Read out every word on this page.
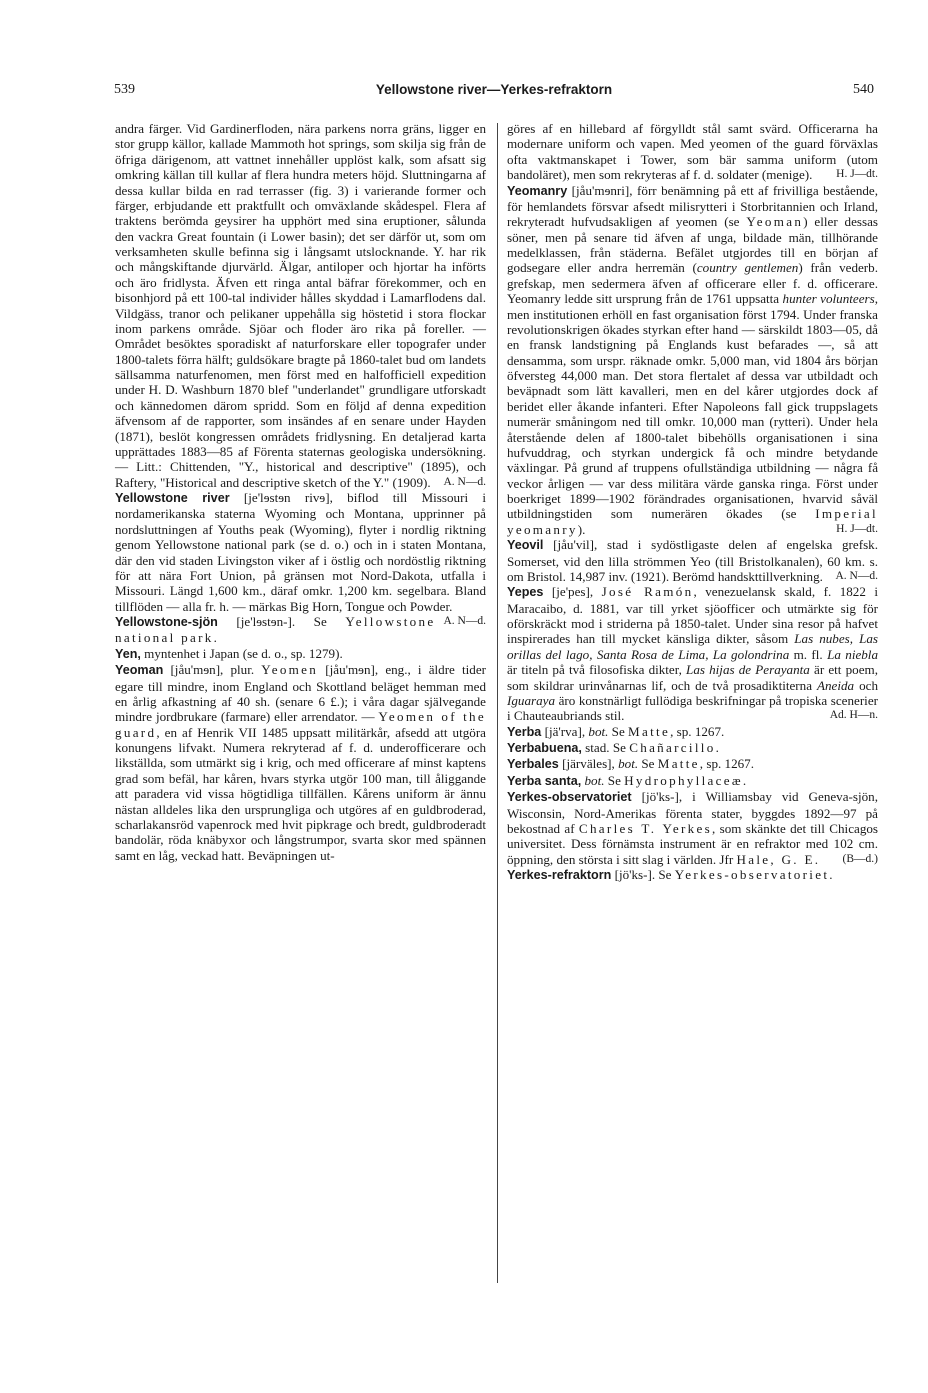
539	Yellowstone river—Yerkes-refraktorn	540

andra färger. Vid Gardinerfloden, nära parkens norra gräns, ligger en stor grupp källor, kallade Mammoth hot springs, som skilja sig från de öfriga därigenom, att vattnet innehåller upplöst kalk, som afsatt sig omkring källan till kullar af flera hundra meters höjd. Sluttningarna af dessa kullar bilda en rad terrasser (fig. 3) i varierande former och färger, erbjudande ett praktfullt och omväxlande skådespel. Flera af traktens berömda geysirer ha upphört med sina eruptioner, sålunda den vackra Great fountain (i Lower basin); det ser därför ut, som om verksamheten skulle befinna sig i långsamt utslocknande. Y. har rik och mångskiftande djurvärld. Älgar, antiloper och hjortar ha införts och äro fridlysta. Äfven ett ringa antal bäfrar förekommer, och en bisonhjord på ett 100-tal individer hålles skyddad i Lamarflodens dal. Vildgäss, tranor och pelikaner uppehålla sig höstetid i stora flockar inom parkens område. Sjöar och floder äro rika på foreller. — Området besöktes sporadiskt af naturforskare eller topografer under 1800-talets förra hälft; guldsökare bragte på 1860-talet bud om landets sällsamma naturfenomen, men först med en halfofficiell expedition under H. D. Washburn 1870 blef "underlandet" grundligare utforskadt och kännedomen därom spridd. Som en följd af denna expedition äfvensom af de rapporter, som insändes af en senare under Hayden (1871), beslöt kongressen områdets fridlysning. En detaljerad karta upprättades 1883—85 af Förenta staternas geologiska undersökning. — Litt.: Chittenden, "Y., historical and descriptive" (1895), och Raftery, "Historical and descriptive sketch of the Y." (1909). A. N—d.

Yellowstone river [je'lɘstɘn rivɘ], biflod till Missouri i nordamerikanska staterna Wyoming och Montana, upprinner på nordsluttningen af Youths peak (Wyoming), flyter i nordlig riktning genom Yellowstone national park (se d. o.) och in i staten Montana, där den vid staden Livingston viker af i östlig och nordöstlig riktning för att nära Fort Union, på gränsen mot Nord-Dakota, utfalla i Missouri. Längd 1,600 km., däraf omkr. 1,200 km. segelbara. Bland tillflöden — alla fr. h. — märkas Big Horn, Tongue och Powder.
A. N—d.

Yellowstone-sjön [je'lɘstɘn-]. Se Yellowstone national park.

Yen, myntenhet i Japan (se d. o., sp. 1279).

Yeoman [jåu'mɘn], plur. Yeomen [jåu'mɘn], eng., i äldre tider egare till mindre, inom England och Skottland beläget hemman med en årlig afkastning af 40 sh. (senare 6 £.); i våra dagar självegande mindre jordbrukare (farmare) eller arrendator. — Yeomen of the guard, en af Henrik VII 1485 uppsatt militärkår, afsedd att utgöra konungens lifvakt. Numera rekryterad af f. d. underofficerare och likställda, som utmärkt sig i krig, och med officerare af minst kaptens grad som befäl, har kåren, hvars styrka utgör 100 man, till åliggande att paradera vid vissa högtidliga tillfällen. Kårens uniform är ännu nästan alldeles lika den ursprungliga och utgöres af en guldbroderad, scharlakansröd vapenrock med hvit pipkrage och bredt, guldbroderadt bandolär, röda knäbyxor och långstrumpor, svarta skor med spännen samt en låg, veckad hatt. Beväpningen ut-

göres af en hillebard af förgylldt stål samt svärd. Officerarna ha modernare uniform och vapen. Med yeomen of the guard förväxlas ofta vaktmanskapet i Tower, som bär samma uniform (utom bandoläret), men som rekryteras af f. d. soldater (menige). H. J—dt.

Yeomanry [jåu'mɘnri], förr benämning på ett af frivilliga bestående, för hemlandets försvar afsedt milisrytteri i Storbritannien och Irland, rekryteradt hufvudsakligen af yeomen (se Yeoman) eller dessas söner, men på senare tid äfven af unga, bildade män, tillhörande medelklassen, från städerna. Befälet utgjordes till en början af godsegare eller andra herremän (country gentlemen) från vederb. grefskap, men sedermera äfven af officerare eller f. d. officerare. Yeomanry ledde sitt ursprung från de 1761 uppsatta hunter volunteers, men institutionen erhöll en fast organisation först 1794. Under franska revolutionskrigen ökades styrkan efter hand — särskildt 1803—05, då en fransk landstigning på Englands kust befarades —, så att densamma, som urspr. räknade omkr. 5,000 man, vid 1804 års början öfversteg 44,000 man. Det stora flertalet af dessa var utbildadt och beväpnadt som lätt kavalleri, men en del kårer utgjordes dock af beridet eller åkande infanteri. Efter Napoleons fall gick truppslagets numerär småningom ned till omkr. 10,000 man (rytteri). Under hela återstående delen af 1800-talet bibehölls organisationen i sina hufvuddrag, och styrkan undergick få och mindre betydande växlingar. På grund af truppens ofullständiga utbildning — några få veckor årligen — var dess militära värde ganska ringa. Först under boerkriget 1899—1902 förändrades organisationen, hvarvid såväl utbildningstiden som numerären ökades (se Imperial yeomanry).	H. J—dt.

Yeovil [jåu'vil], stad i sydöstligaste delen af engelska grefsk. Somerset, vid den lilla strömmen Yeo (till Bristolkanalen), 60 km. s. om Bristol. 14,987 inv. (1921). Berömd handskttillverkning. A. N—d.

Yepes [je'pes], José Ramón, venezuelansk skald, f. 1822 i Maracaibo, d. 1881, var till yrket sjöofficer och utmärkte sig för oförskräckt mod i striderna på 1850-talet. Under sina resor på hafvet inspirerades han till mycket känsliga dikter, såsom Las nubes, Las orillas del lago, Santa Rosa de Lima, La golondrina m. fl. La niebla är titeln på två filosofiska dikter, Las hijas de Perayanta är ett poem, som skildrar urinvånarnas lif, och de två prosadiktiterna Aneida och Iguaraya äro konstnärligt fullödiga beskrifningar på tropiska scenerier i Chauteaubriands stil.	Ad. H—n.

Yerba [jä'rva], bot. Se Matte, sp. 1267.

Yerbabuena, stad. Se Chañarcillo.

Yerbales [järväles], bot. Se Matte, sp. 1267.

Yerba santa, bot. Se Hydrophyllaceæ.

Yerkes-observatoriet [jö'ks-], i Williamsbay vid Geneva-sjön, Wisconsin, Nord-Amerikas förenta stater, byggdes 1892—97 på bekostnad af Charles T. Yerkes, som skänkte det till Chicagos universitet. Dess förnämsta instrument är en refraktor med 102 cm. öppning, den största i sitt slag i världen. Jfr Hale, G. E. (B—d.)

Yerkes-refraktorn [jö'ks-]. Se Yerkes-observatoriet.
